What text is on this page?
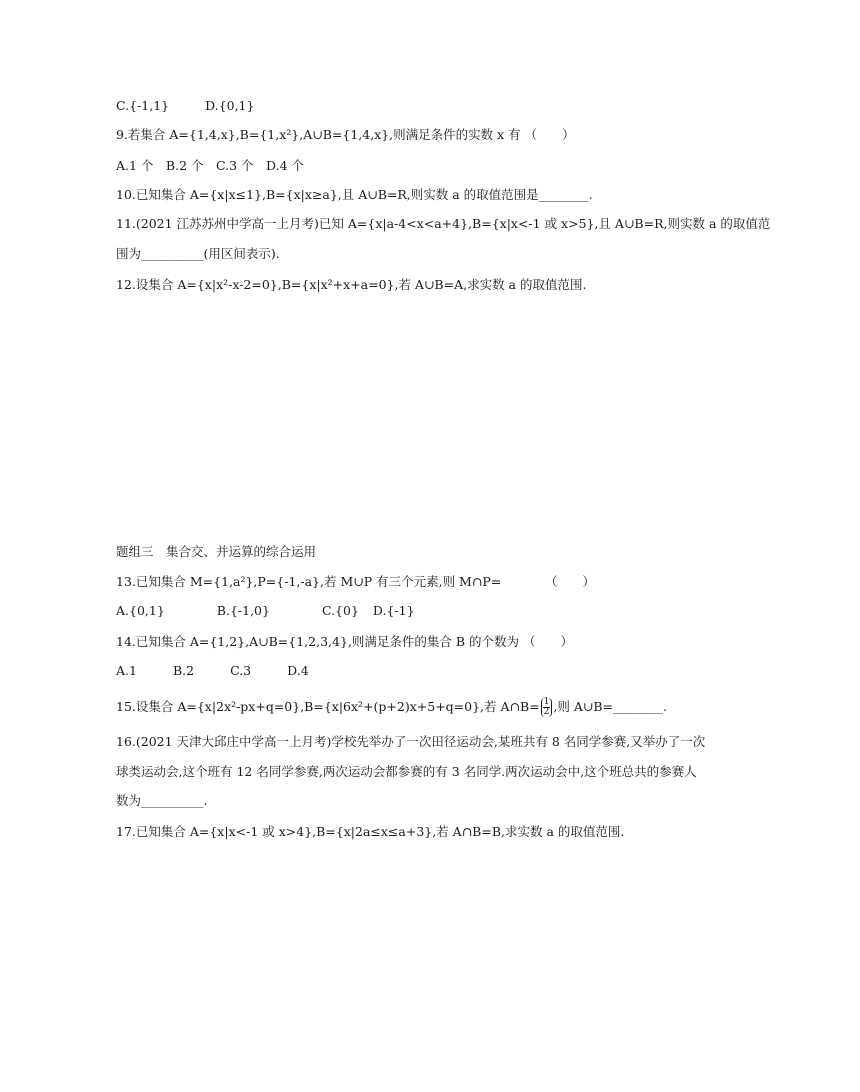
C.{-1,1}	D.{0,1}
9.若集合 A={1,4,x},B={1,x²},A∪B={1,4,x},则满足条件的实数 x 有 （　　）
A.1 个　B.2 个　C.3 个　D.4 个
10.已知集合 A={x|x≤1},B={x|x≥a},且 A∪B=R,则实数 a 的取值范围是________.
11.(2021 江苏苏州中学高一上月考)已知 A={x|a-4<x<a+4},B={x|x<-1 或 x>5},且 A∪B=R,则实数 a 的取值范
围为__________(用区间表示).
12.设集合 A={x|x²-x-2=0},B={x|x²+x+a=0},若 A∪B=A,求实数 a 的取值范围.
题组三　集合交、并运算的综合运用
13.已知集合 M={1,a²},P={-1,-a},若 M∪P 有三个元素,则 M∩P=　　　　（　　）
A.{0,1}	B.{-1,0}	C.{0} D.{-1}
14.已知集合 A={1,2},A∪B={1,2,3,4},则满足条件的集合 B 的个数为 （　　）
A.1	B.2	C.3	D.4
15.设集合 A={x|2x²-px+q=0},B={x|6x²+(p+2)x+5+q=0},若 A∩B= $\frac{1}{2}$ ,则 A∪B=________.
16.(2021 天津大邱庄中学高一上月考)学校先举办了一次田径运动会,某班共有 8 名同学参赛,又举办了一次
球类运动会,这个班有 12 名同学参赛,两次运动会都参赛的有 3 名同学.两次运动会中,这个班总共的参赛人
数为__________.
17.已知集合 A={x|x<-1 或 x>4},B={x|2a≤x≤a+3},若 A∩B=B,求实数 a 的取值范围.
